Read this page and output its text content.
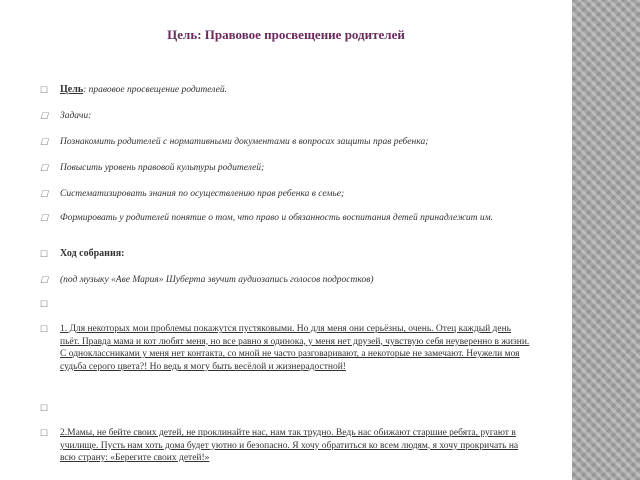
Цель: Правовое просвещение родителей
☐	Цель: правовое просвещение родителей.
☐	Задачи:
☐	Познакомить родителей с нормативными документами в вопросах защиты прав ребенка;
☐	Повысить уровень правовой культуры родителей;
☐	Систематизировать знания по осуществлению прав ребенка в семье;
☐	Формировать у родителей понятие о том, что право и обязанность воспитания детей принадлежит им.
☐	Ход собрания:
☐	(под музыку «Аве Мария» Шуберта звучит аудиозапись голосов подростков)
☐
☐	1. Для некоторых мои проблемы покажутся пустяковыми. Но для меня они серьёзны, очень. Отец каждый день пьёт. Правда мама и кот любят меня, но все равно я одинока, у меня нет друзей, чувствую себя неуверенно в жизни. С одноклассниками у меня нет контакта, со мной не часто разговаривают, а некоторые не замечают. Неужели моя судьба серого цвета?! Но ведь я могу быть весёлой и жизнерадостной!
☐
☐	2.Мамы, не бейте своих детей, не проклинайте нас, нам так трудно. Ведь нас обижают старшие ребята, ругают в училище. Пусть нам хоть дома будет уютно и безопасно. Я хочу обратиться ко всем людям, я хочу прокричать на всю страну: «Берегите своих детей!»
